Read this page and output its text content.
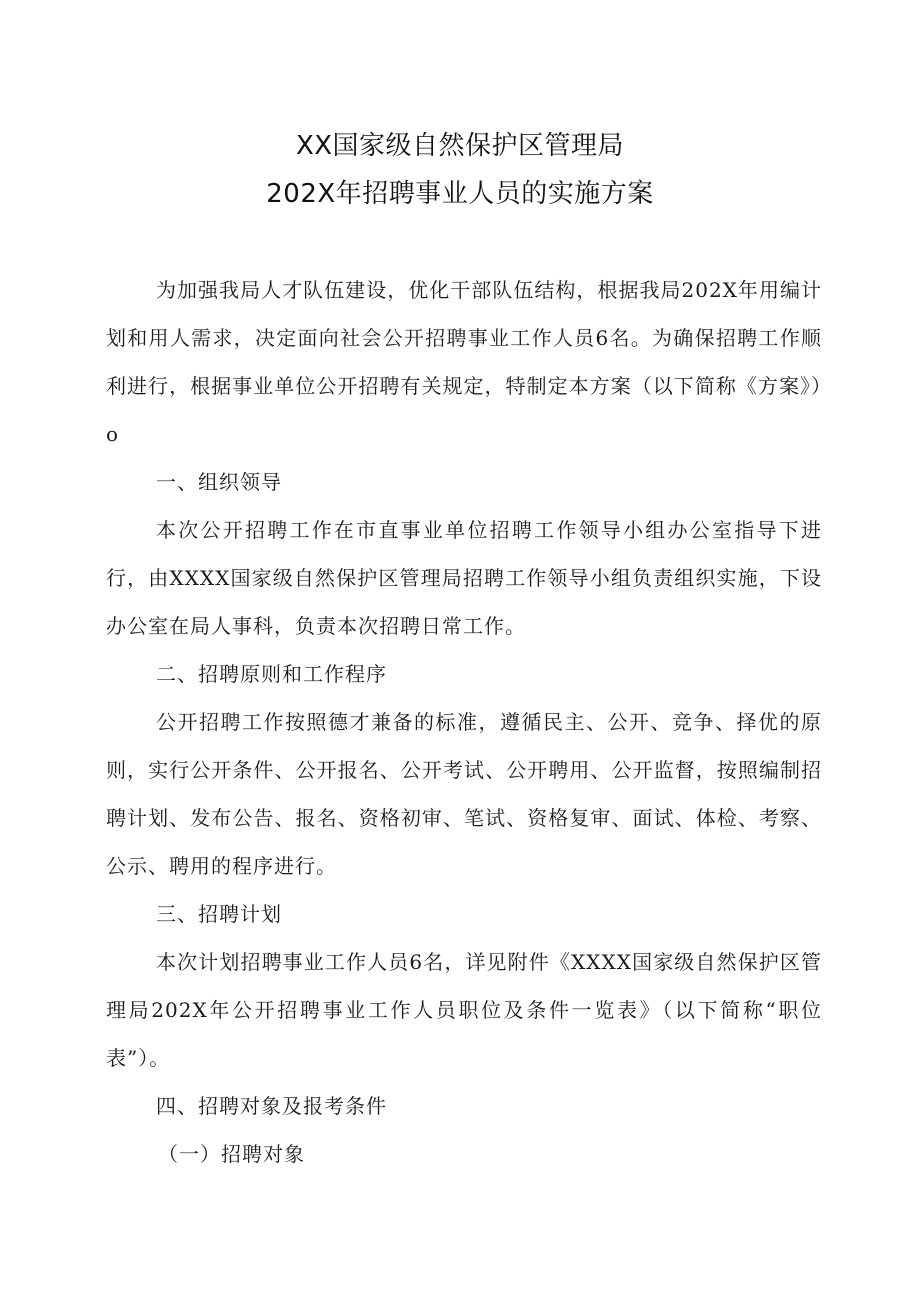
XX国家级自然保护区管理局
202X年招聘事业人员的实施方案

为加强我局人才队伍建设，优化干部队伍结构，根据我局202X年用编计划和用人需求，决定面向社会公开招聘事业工作人员6名。为确保招聘工作顺利进行，根据事业单位公开招聘有关规定，特制定本方案（以下简称《方案》）o

一、组织领导

本次公开招聘工作在市直事业单位招聘工作领导小组办公室指导下进行，由XXXX国家级自然保护区管理局招聘工作领导小组负责组织实施，下设办公室在局人事科，负责本次招聘日常工作。

二、招聘原则和工作程序

公开招聘工作按照德才兼备的标准，遵循民主、公开、竞争、择优的原则，实行公开条件、公开报名、公开考试、公开聘用、公开监督，按照编制招聘计划、发布公告、报名、资格初审、笔试、资格复审、面试、体检、考察、公示、聘用的程序进行。

三、招聘计划

本次计划招聘事业工作人员6名，详见附件《XXXX国家级自然保护区管理局202X年公开招聘事业工作人员职位及条件一览表》（以下简称“职位表”）。

四、招聘对象及报考条件

（一）招聘对象
